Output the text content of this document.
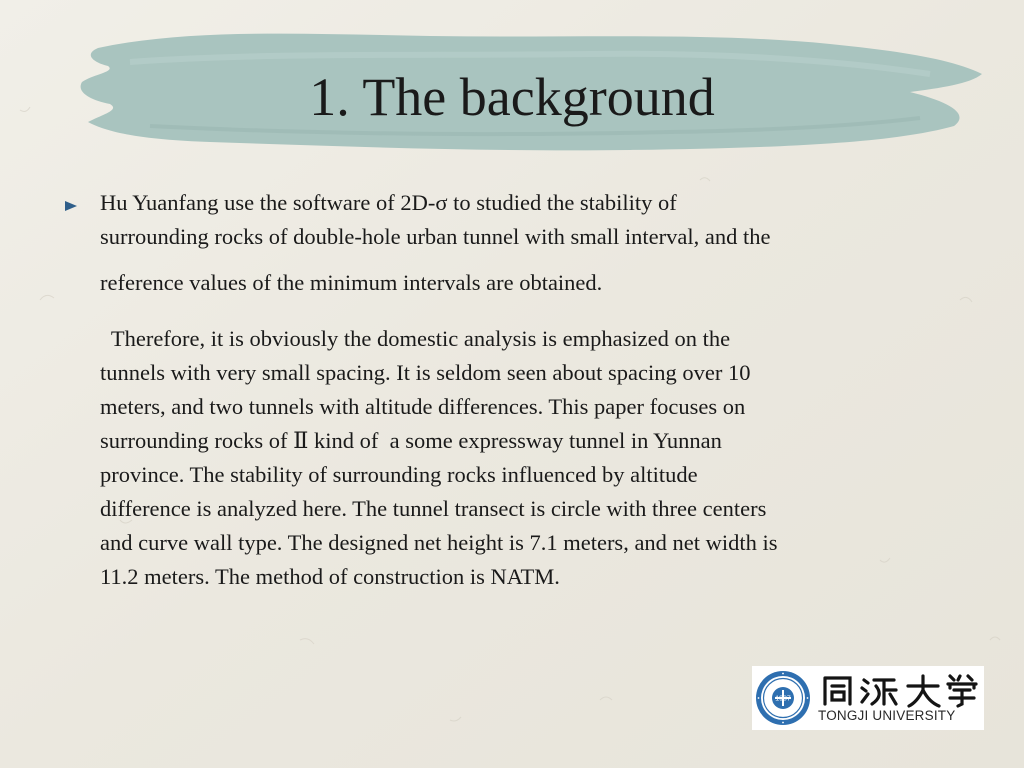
1. The background
Hu Yuanfang use the software of 2D-σ to studied the stability of
surrounding rocks of double-hole urban tunnel with small interval, and the
reference values of the minimum intervals are obtained.
Therefore, it is obviously the domestic analysis is emphasized on the
tunnels with very small spacing. It is seldom seen about spacing over 10
meters, and two tunnels with altitude differences. This paper focuses on
surrounding rocks of Ⅱ kind of  a some expressway tunnel in Yunnan
province. The stability of surrounding rocks influenced by altitude
difference is analyzed here. The tunnel transect is circle with three centers
and curve wall type. The designed net height is 7.1 meters, and net width is
11.2 meters. The method of construction is NATM.
1907
TONGJI UNIVERSITY
